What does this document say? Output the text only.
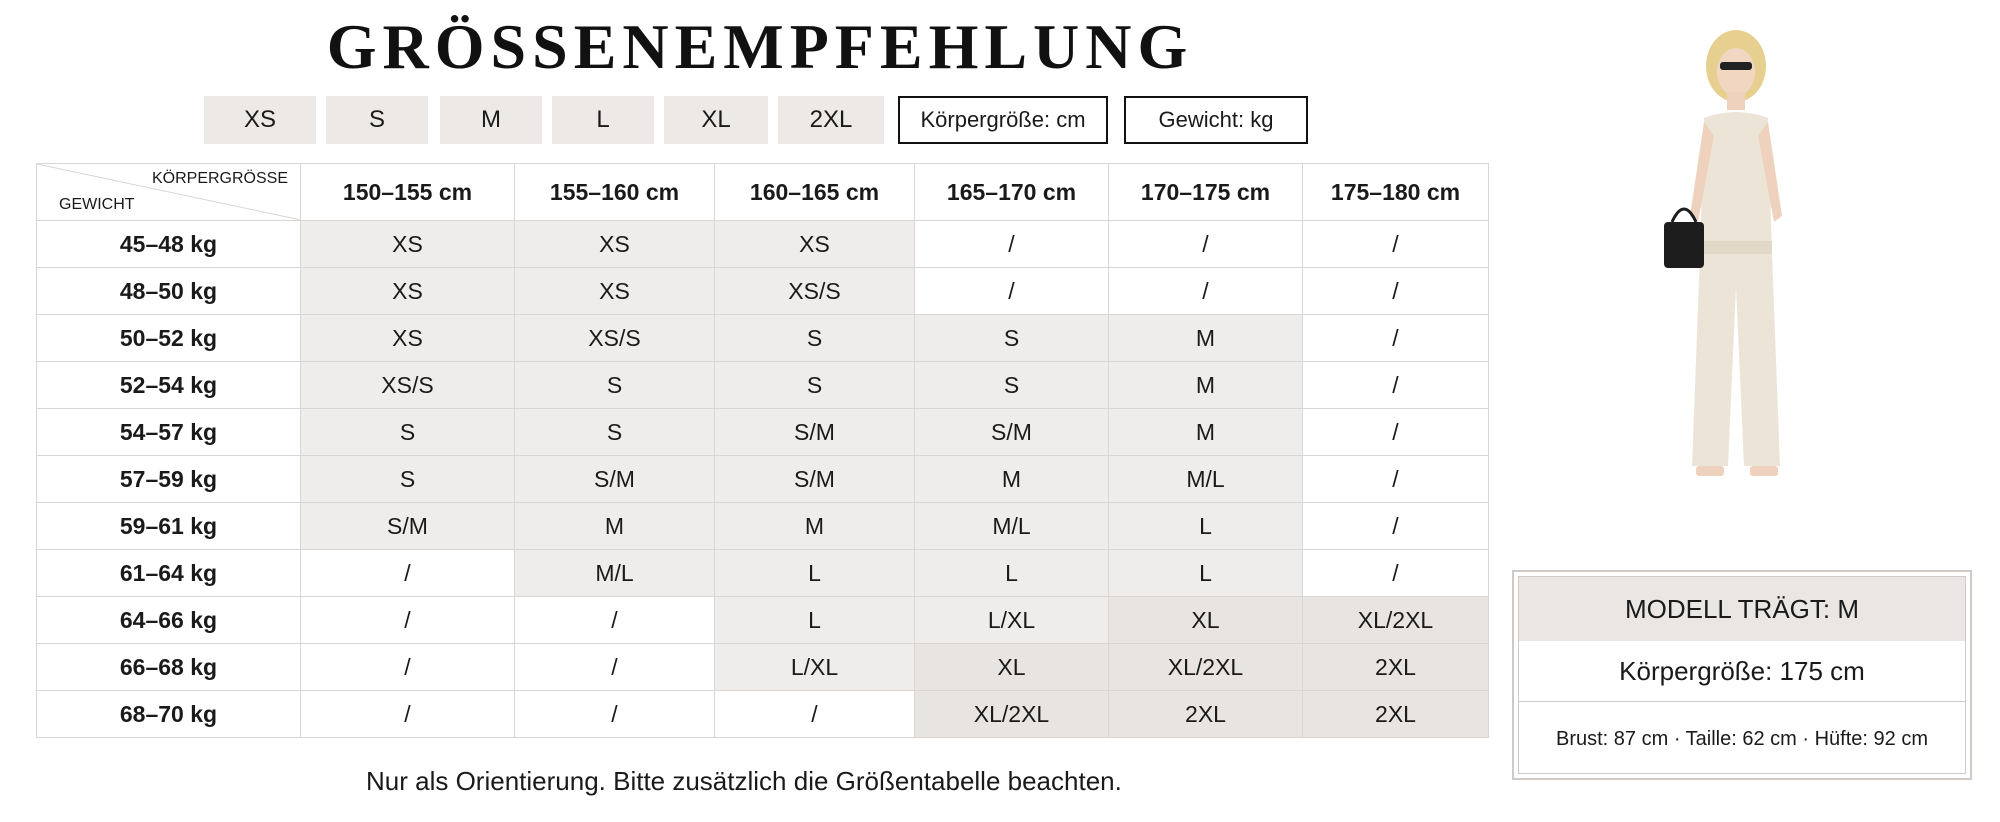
GRÖSSENEMPFEHLUNG
XS	S	M	L	XL	2XL	Körpergröße: cm	Gewicht: kg
KÖRPERGRÖSSE
GEWICHT	150–155 cm	155–160 cm	160–165 cm	165–170 cm	170–175 cm	175–180 cm
45–48 kg	XS	XS	XS	/	/	/
48–50 kg	XS	XS	XS/S	/	/	/
50–52 kg	XS	XS/S	S	S	M	/
52–54 kg	XS/S	S	S	S	M	/
54–57 kg	S	S	S/M	S/M	M	/
57–59 kg	S	S/M	S/M	M	M/L	/
59–61 kg	S/M	M	M	M/L	L	/
61–64 kg	/	M/L	L	L	L	/
64–66 kg	/	/	L	L/XL	XL	XL/2XL
66–68 kg	/	/	L/XL	XL	XL/2XL	2XL
68–70 kg	/	/	/	XL/2XL	2XL	2XL
Nur als Orientierung. Bitte zusätzlich die Größentabelle beachten.
MODELL TRÄGT: M
Körpergröße: 175 cm
Brust: 87 cm · Taille: 62 cm · Hüfte: 92 cm
